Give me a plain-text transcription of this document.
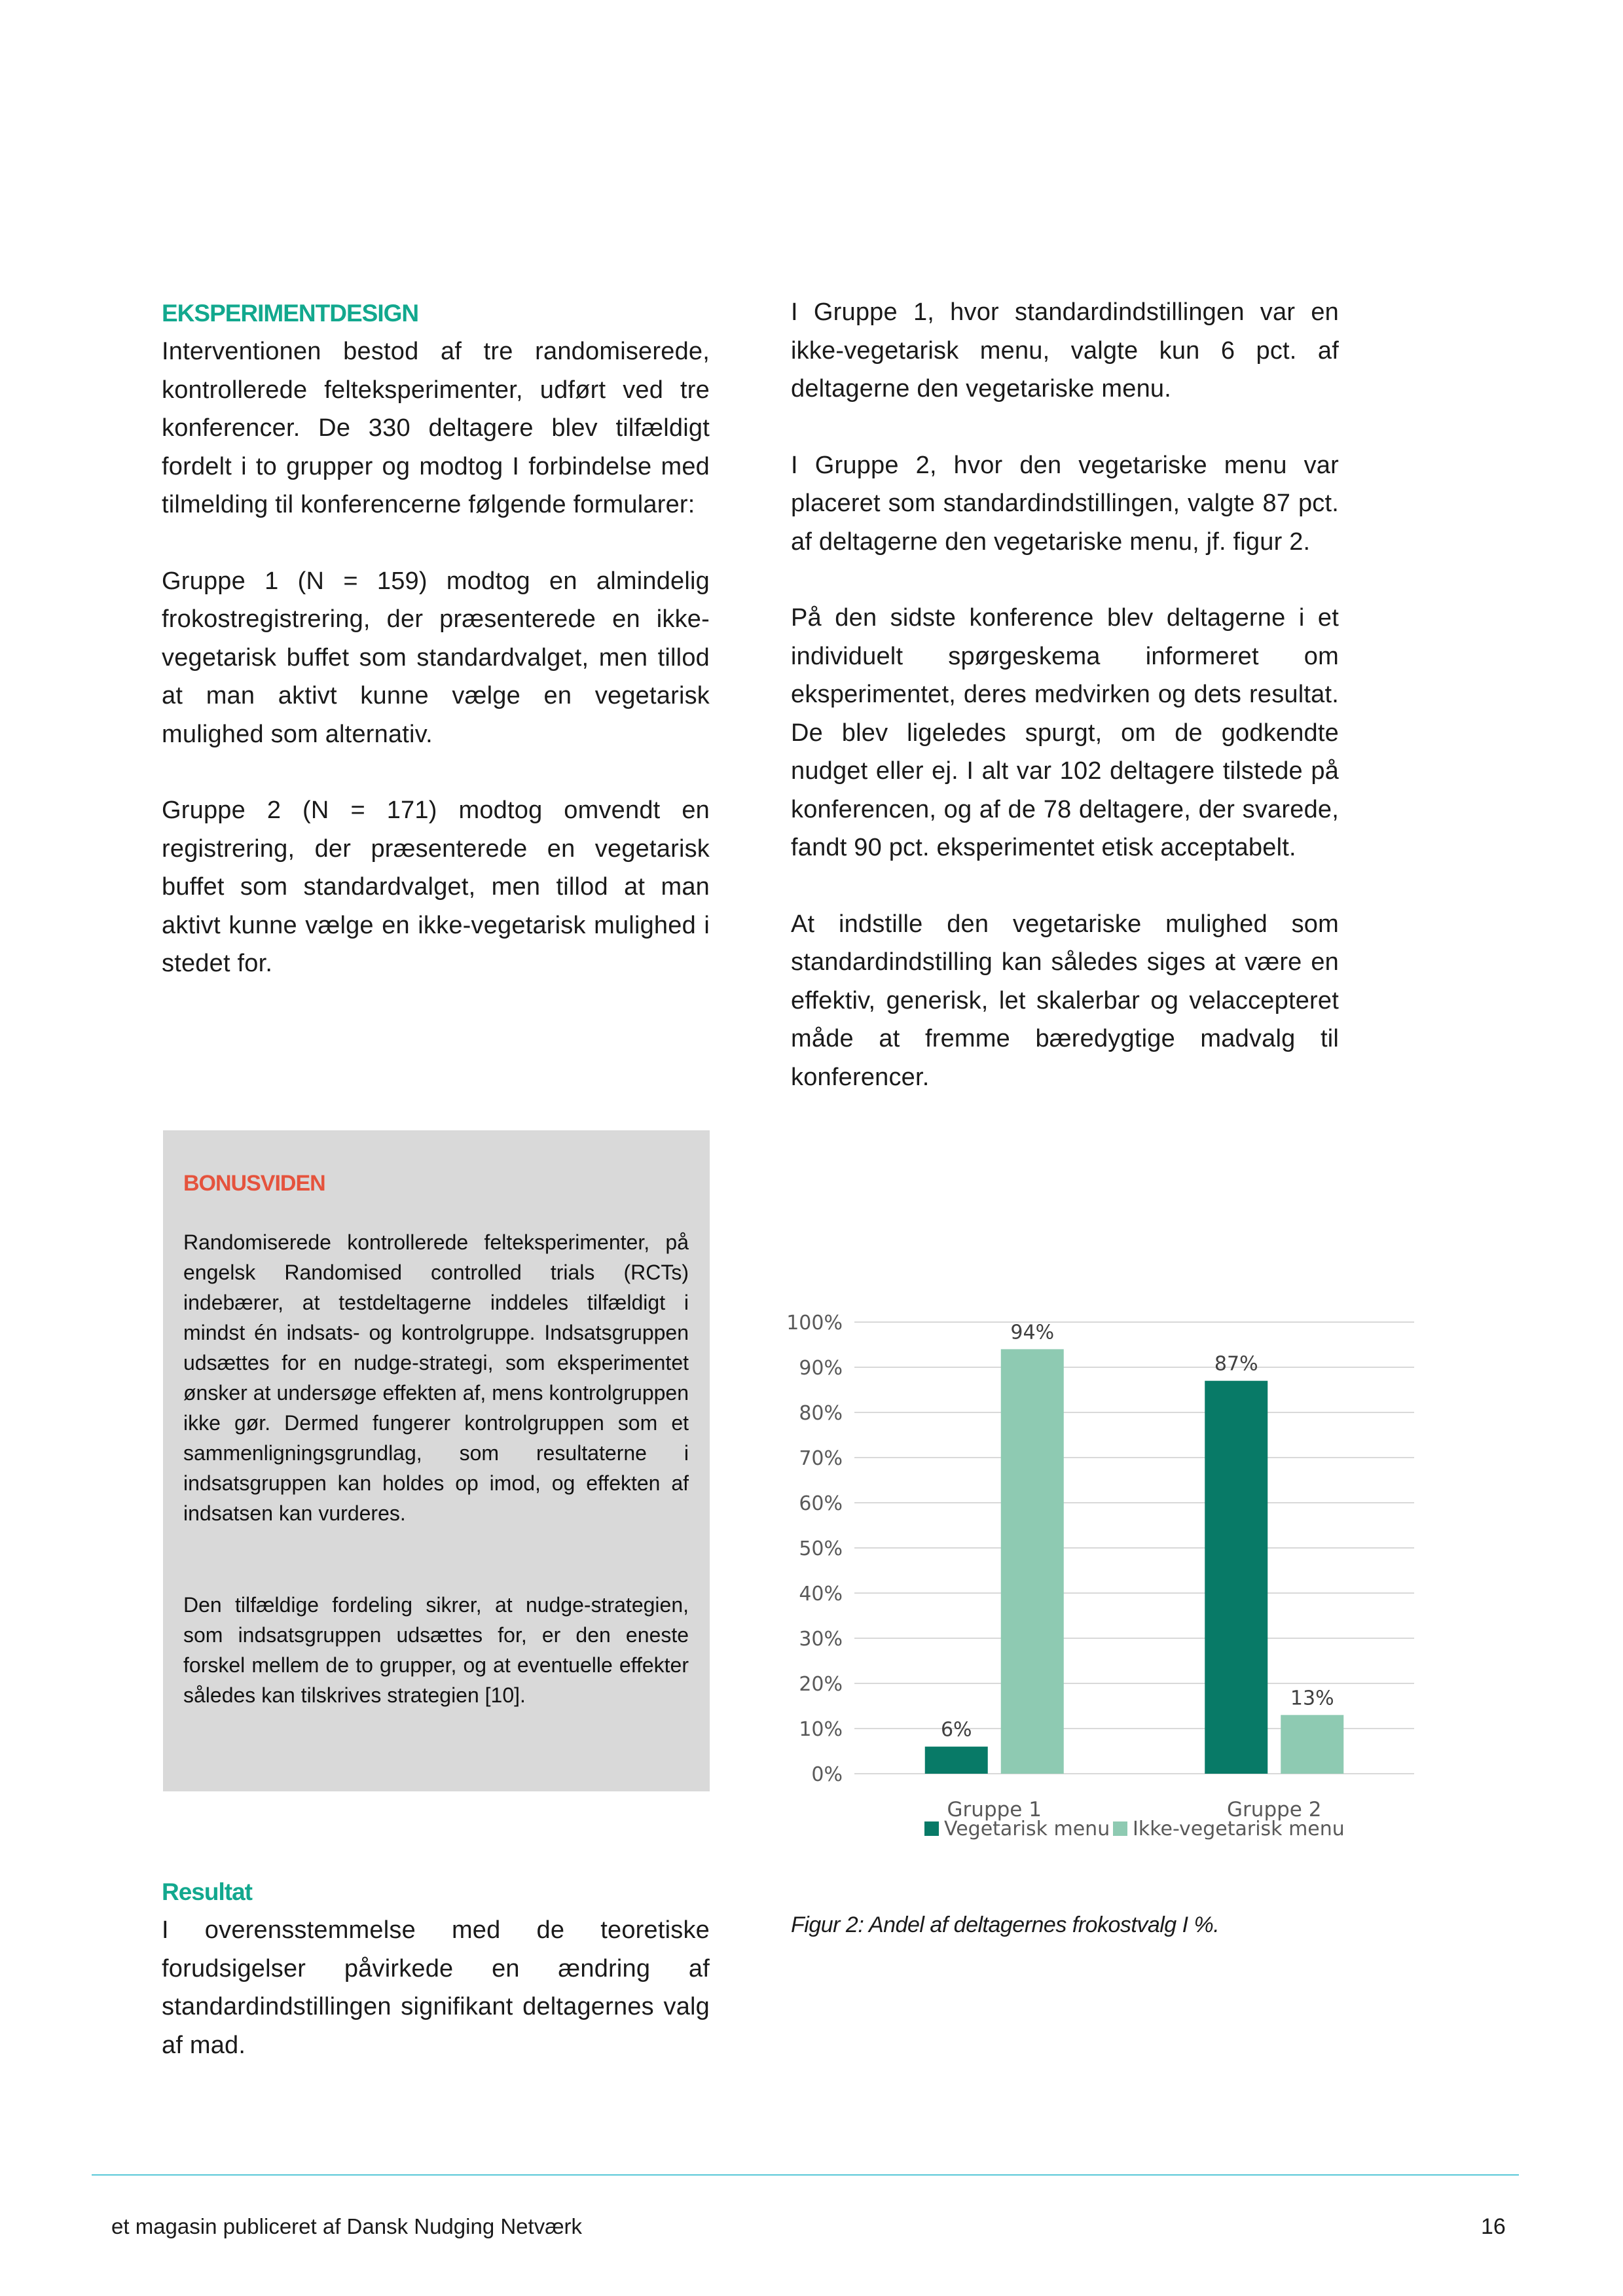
EKSPERIMENTDESIGN

Interventionen bestod af tre randomiserede, kontrollerede felteksperimenter, udført ved tre konferencer. De 330 deltagere blev tilfældigt fordelt i to grupper og modtog I forbindelse med tilmelding til konferencerne følgende formularer:

Gruppe 1 (N = 159) modtog en almindelig frokostregistrering, der præsenterede en ikke-vegetarisk buffet som standardvalget, men tillod at man aktivt kunne vælge en vegetarisk mulighed som alternativ.

Gruppe 2 (N = 171) modtog omvendt en registrering, der præsenterede en vegetarisk buffet som standardvalget, men tillod at man aktivt kunne vælge en ikke-vegetarisk mulighed i stedet for.

BONUSVIDEN

Randomiserede kontrollerede felteksperimenter, på engelsk Randomised controlled trials (RCTs) indebærer, at testdeltagerne inddeles tilfældigt i mindst én indsats- og kontrolgruppe. Indsatsgruppen udsættes for en nudge-strategi, som eksperimentet ønsker at undersøge effekten af, mens kontrolgruppen ikke gør. Dermed fungerer kontrolgruppen som et sammenligningsgrundlag, som resultaterne i indsatsgruppen kan holdes op imod, og effekten af indsatsen kan vurderes.

Den tilfældige fordeling sikrer, at nudge-strategien, som indsatsgruppen udsættes for, er den eneste forskel mellem de to grupper, og at eventuelle effekter således kan tilskrives strategien [10].

Resultat

I overensstemmelse med de teoretiske forudsigelser påvirkede en ændring af standardindstillingen signifikant deltagernes valg af mad.

I Gruppe 1, hvor standardindstillingen var en ikke-vegetarisk menu, valgte kun 6 pct. af deltagerne den vegetariske menu.

I Gruppe 2, hvor den vegetariske menu var placeret som standardindstillingen, valgte 87 pct. af deltagerne den vegetariske menu, jf. figur 2.

På den sidste konference blev deltagerne i et individuelt spørgeskema informeret om eksperimentet, deres medvirken og dets resultat. De blev ligeledes spurgt, om de godkendte nudget eller ej. I alt var 102 deltagere tilstede på konferencen, og af de 78 deltagere, der svarede, fandt 90 pct. eksperimentet etisk acceptabelt.

At indstille den vegetariske mulighed som standardindstilling kan således siges at være en effektiv, generisk, let skalerbar og velaccepteret måde at fremme bæredygtige madvalg til konferencer.

0%
10%
20%
30%
40%
50%
60%
70%
80%
90%
100%
6%
94%
Gruppe 1
87%
13%
Gruppe 2
Vegetarisk menu Ikke-vegetarisk menu
Figur 2: Andel af deltagernes frokostvalg I %.
et magasin publiceret af Dansk Nudging Netværk	16
